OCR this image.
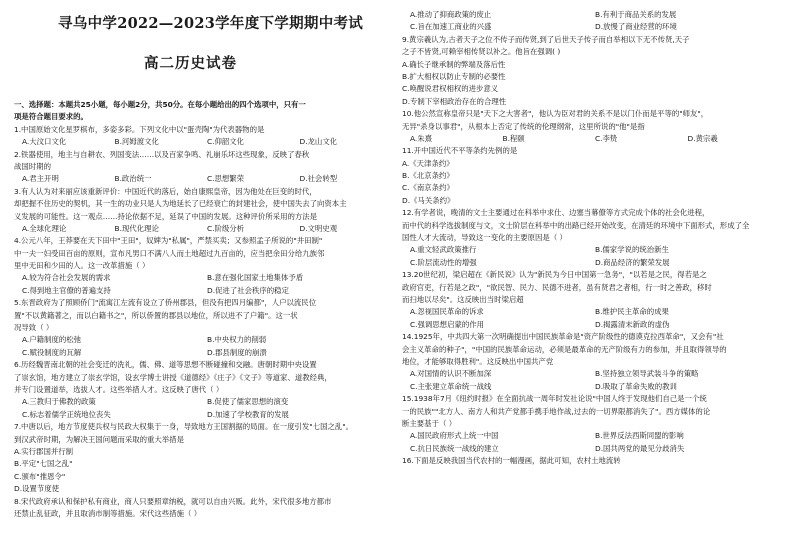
寻乌中学2022—2023学年度下学期期中考试
高二历史试卷
一、选择题：本题共25小题，每小题2分，共50分。在每小题给出的四个选项中，只有一
项是符合题目要求的。
1.中国原始文化星罗棋布，多姿多彩。下列文化中以"蛋壳陶"为代表器物的是
A.大汶口文化	B.河姆渡文化	C.仰韶文化	D.龙山文化
2.铁器使用，地主与自耕农、列国变法……以及百家争鸣、礼崩乐坏这些现象，反映了春秋
战国时期的
A.君主开明	B.政治统一	C.思想繁荣	D.社会转型
3.有人认为对来丽应该重新评价：中国近代的落后，始自康熙皇帝，因为他处在巨变的时代，
却把握不住历史的契机，其一生的功业只是人为地延长了已经衰亡的封建社会，使中国失去了向资本主
义发展的可能性。这一观点……持论依据不足，延误了中国的发展。这种评价所采用的方法是
A.全球化理论	B.现代化理论	C.阶级分析	D.文明史观
4.公元八年，王莽要在天下田中"王田"，奴婢为"私属"，严禁买卖；又参照孟子所说的"井田制"
中一夫一妇受田百亩的原则，宣布凡男口不满八人而土地超过九百亩的，应当把余田分给九族邻
里中无田和少田的人。这一改革措施（ ）
A.较为符合社会发展的需求	B.意在强化国家土地集体予盾
C.得到地主官僚的普遍支持	D.促进了社会秩序的稳定
5.东晋政府为了照顾侨门"流寓江左流有设立了侨州郡县，但没有把四月编都"，人户以流民位
置"不以黄籍著之，而以白籍书之"，所以侨置的郡县以地位，所以进不了户籍"。这一状
况导致（ ）
A.户籍制度的松弛	B.中央权力的削弱
C.赋役制度的瓦解	D.郡县制度的崩溃
6.历经魏晋南北朝的社会变迁的洗礼，儒、佛、道等思想不断碰撞和交融。唐朝时期中央设置
了崇玄馆，地方建立了崇玄学馆，设玄学博士讲授《道德经》《庄子》《文子》等道家、道教经典，
并专门设置道举，选拔人才。这些举措人才。这反映了唐代（ ）
A.三教归于佛教的政策	B.促使了儒家思想的演变
C.标志着儒学正统地位丧失	D.加速了学校教育的发展
7.中唐以后，地方节度使兵权与民政大权集于一身，导致地方王国割据的局面。在一度引发"七国之乱"。
到汉武帝时期，为解决王国问题而采取的重大举措是
A.实行郡国并行制
B.平定"七国之乱"
C.颁布"推恩令"
D.设置节度使
8.宋代政府承认和保护私有商业，商人只要照章纳税，就可以自由兴贩。此外，宋代很多地方都市
还禁止乱征政，并且取消市制等措施。宋代这些措施（ ）
A.推动了抑商政策的废止	B.有利于商品关系的发展
C.旨在加速工商业的兴盛	D.放慢了商业经营的环境
9.黄宗羲认为,古者天子之位不传子而传贤,到了后世天子传子而自举相以下无不传贤,天子
之子不皆贤,可赖宰相传贤以补之。他旨在强调( )
A.确长子继承制的弊端及落后性
B.扩大相权以防止专制的必要性
C.唤醒说君权相权的进步意义
D.专制下宰相政治存在的合理性
10.他公然宣称皇帝只是"天下之大害者"，他认为臣对君的关系不是以门仆而是平等的"师友"，
无异"杀身以事君"，从根本上否定了传统的伦理纲常，这里所说的"他"是指
A.朱熹	B.程颐	C.李贽	D.黄宗羲
11.开中国近代不平等条约先例的是
A.《天津条约》
B.《北京条约》
C.《南京条约》
D.《马关条约》
12.有学者说，晚清的文士主要通过在科举中求仕、边塞当幕僚等方式完成个体的社会化进程，
而中代的科学选拔制度与文，文士阶层在科举中的出路已经开始改变，在清廷的环境中下面形式，形成了全
国性人才大流动，导致这一变化的主要原因是（ ）
A.重文轻武政策推行	B.儒家学说的统治新生
C.阶层流动性的增强	D.商品经济的繁荣发展
13.20世纪初，梁启超在《新民说》认为"新民为今日中国第一急务"，"以若是之民，得若是之
政府官吏，行若是之政"，"欲民智、民力、民德不进者，虽有贤君之者相，行一时之善政，移时
而扫地以尽矣"。这反映出当时梁启超
A.忽视国民革命的诉求	B.维护民主革命的成果
C.强调思想启蒙的作用	D.揭露清末新政的虚伪
14.1925年，中共四大第一次明确提出中国民族革命是"资产阶级性的德谟克拉西革命"，又会有"社
会主义革命的种子"，"中国的民族革命运动，必须是最革命的无产阶级有力的参加，并且取得领导的
地位，才能够取得胜利"。这反映出中国共产党
A.对国情的认识不断加深	B.坚持独立领导武装斗争的策略
C.主张建立革命统一战线	D.吸取了革命失败的教训
15.1938年7月《纽约时报》在全面抗战一周年时发社论说"中国人终于发现他们自己是一个统
一的民族""北方人、南方人和共产党都手携手地作战,过去的一切界限都消失了"。西方媒体的论
断主要基于（ ）
A.国民政府形式上统一中国	B.世界反法西斯同盟的影响
C.抗日民族统一战线的建立	D.国共两党的最见分歧消失
16.下面是反映我国当代农村的一幅漫画，据此可知，农村土地流转
